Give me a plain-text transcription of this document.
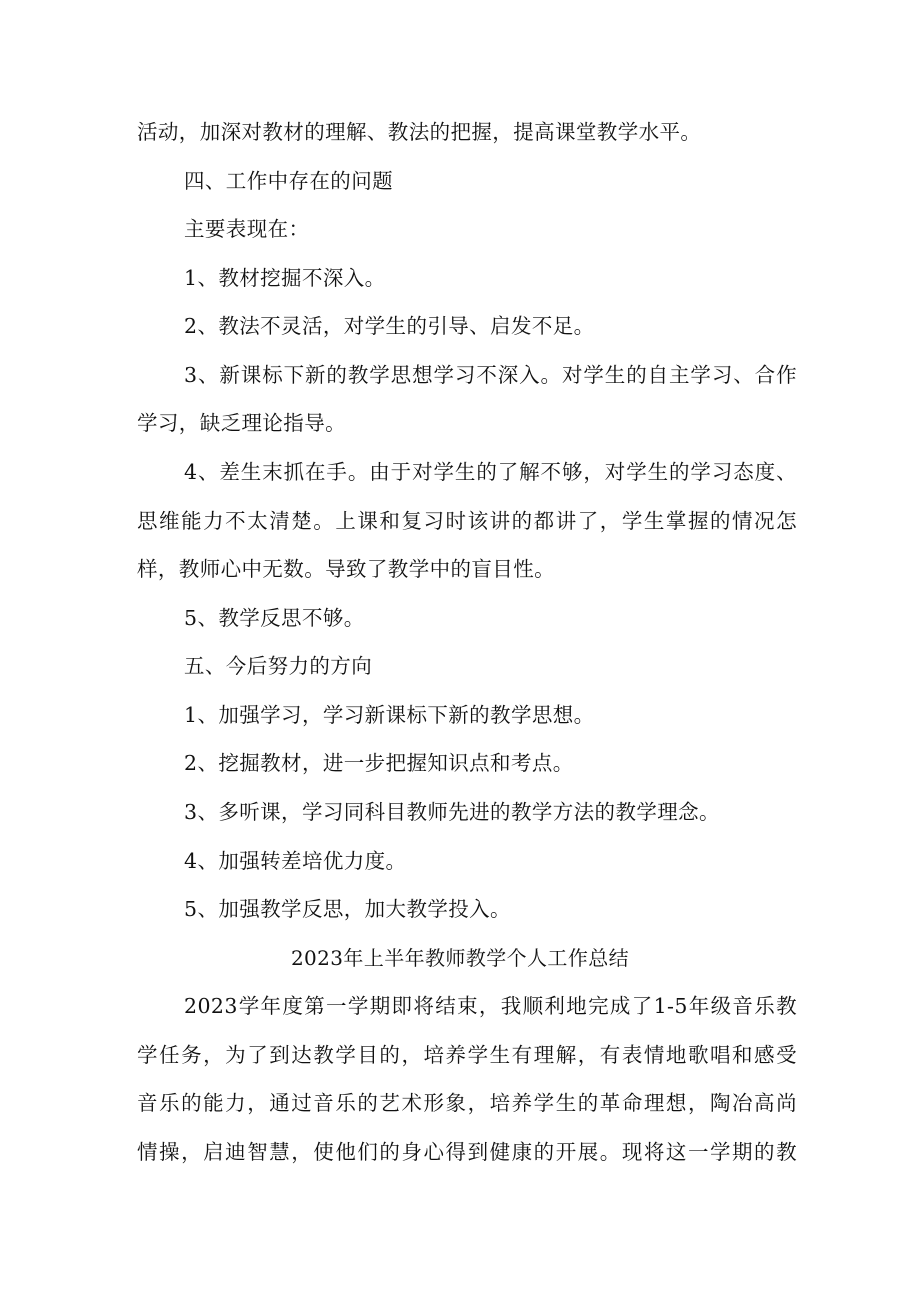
活动，加深对教材的理解、教法的把握，提高课堂教学水平。
四、工作中存在的问题
主要表现在：
1、教材挖掘不深入。
2、教法不灵活，对学生的引导、启发不足。
3、新课标下新的教学思想学习不深入。对学生的自主学习、合作
学习，缺乏理论指导。
4、差生末抓在手。由于对学生的了解不够，对学生的学习态度、
思维能力不太清楚。上课和复习时该讲的都讲了，学生掌握的情况怎
样，教师心中无数。导致了教学中的盲目性。
5、教学反思不够。
五、今后努力的方向
1、加强学习，学习新课标下新的教学思想。
2、挖掘教材，进一步把握知识点和考点。
3、多听课，学习同科目教师先进的教学方法的教学理念。
4、加强转差培优力度。
5、加强教学反思，加大教学投入。
2023年上半年教师教学个人工作总结
2023学年度第一学期即将结束，我顺利地完成了1-5年级音乐教
学任务，为了到达教学目的，培养学生有理解，有表情地歌唱和感受
音乐的能力，通过音乐的艺术形象，培养学生的革命理想，陶冶高尚
情操，启迪智慧，使他们的身心得到健康的开展。现将这一学期的教
